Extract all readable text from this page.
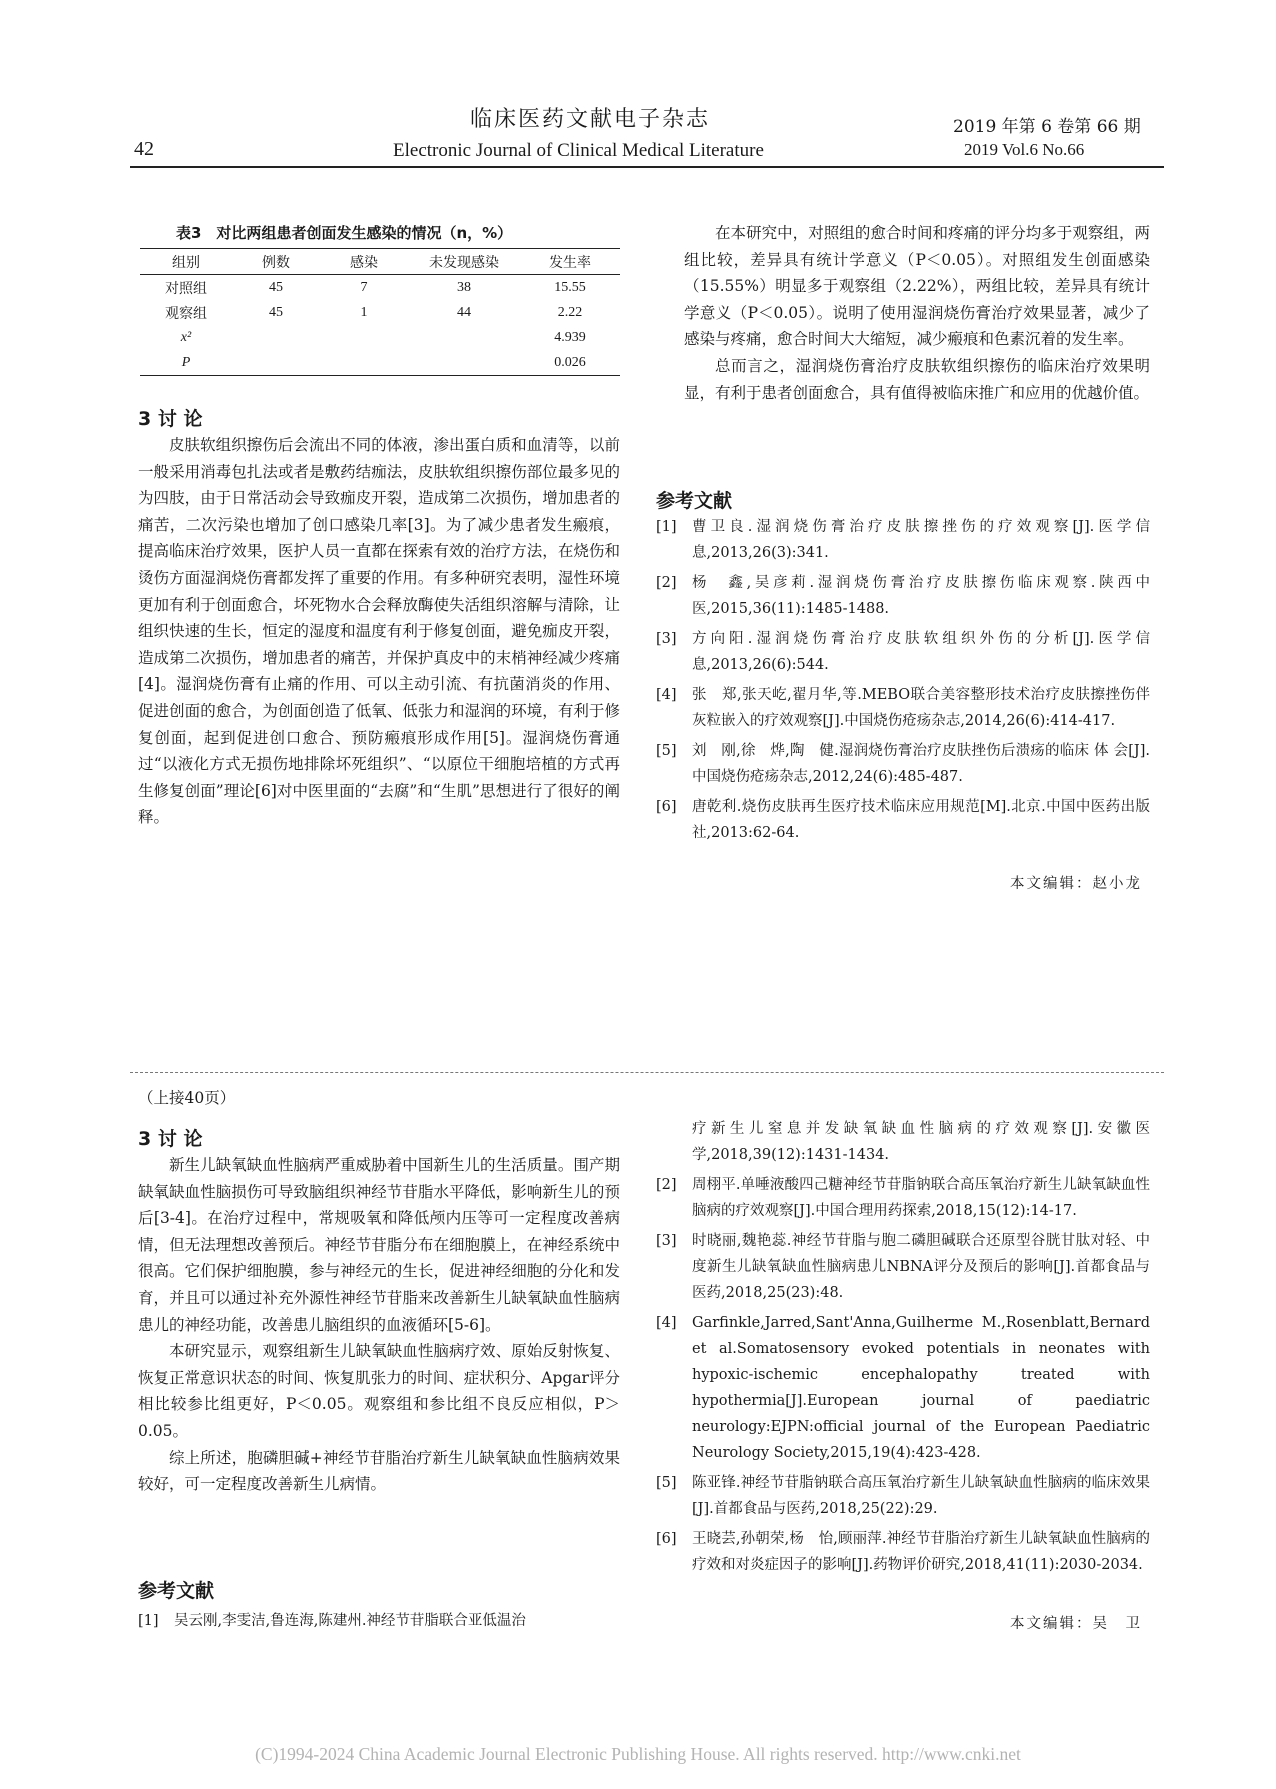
临床医药文献电子杂志	2019 年第 6 卷第 66 期
42	Electronic Journal of Clinical Medical Literature	2019 Vol.6 No.66
表3　对比两组患者创面发生感染的情况（n，%）
组别	例数	感染	未发现感染	发生率
对照组	45	7	38	15.55
观察组	45	1	44	2.22
x²				4.939
P				0.026
3 讨 论

皮肤软组织擦伤后会流出不同的体液，渗出蛋白质和血清等，以前一般采用消毒包扎法或者是敷药结痂法，皮肤软组织擦伤部位最多见的为四肢，由于日常活动会导致痂皮开裂，造成第二次损伤，增加患者的痛苦，二次污染也增加了创口感染几率[3]。为了减少患者发生瘢痕，提高临床治疗效果，医护人员一直都在探索有效的治疗方法，在烧伤和烫伤方面湿润烧伤膏都发挥了重要的作用。有多种研究表明，湿性环境更加有利于创面愈合，坏死物水合会释放酶使失活组织溶解与清除，让组织快速的生长，恒定的湿度和温度有利于修复创面，避免痂皮开裂，造成第二次损伤，增加患者的痛苦，并保护真皮中的末梢神经减少疼痛[4]。湿润烧伤膏有止痛的作用、可以主动引流、有抗菌消炎的作用、促进创面的愈合，为创面创造了低氧、低张力和湿润的环境，有利于修复创面，起到促进创口愈合、预防瘢痕形成作用[5]。湿润烧伤膏通过“以液化方式无损伤地排除坏死组织”、“以原位干细胞培植的方式再生修复创面”理论[6]对中医里面的“去腐”和“生肌”思想进行了很好的阐释。

在本研究中，对照组的愈合时间和疼痛的评分均多于观察组，两组比较，差异具有统计学意义（P＜0.05）。对照组发生创面感染（15.55%）明显多于观察组（2.22%），两组比较，差异具有统计学意义（P＜0.05）。说明了使用湿润烧伤膏治疗效果显著，减少了感染与疼痛，愈合时间大大缩短，减少瘢痕和色素沉着的发生率。

总而言之，湿润烧伤膏治疗皮肤软组织擦伤的临床治疗效果明显，有利于患者创面愈合，具有值得被临床推广和应用的优越价值。

参考文献
[1] 曹卫良.湿润烧伤膏治疗皮肤擦挫伤的疗效观察[J].医学信息,2013,26(3):341.
[2] 杨　鑫,吴彦莉.湿润烧伤膏治疗皮肤擦伤临床观察.陕西中医,2015,36(11):1485-1488.
[3] 方向阳.湿润烧伤膏治疗皮肤软组织外伤的分析[J].医学信息,2013,26(6):544.
[4] 张　郑,张天屹,翟月华,等.MEBO联合美容整形技术治疗皮肤擦挫伤伴灰粒嵌入的疗效观察[J].中国烧伤疮疡杂志,2014,26(6):414-417.
[5] 刘　刚,徐　烨,陶　健.湿润烧伤膏治疗皮肤挫伤后溃疡的临床 体 会[J].中国烧伤疮疡杂志,2012,24(6):485-487.
[6] 唐乾利.烧伤皮肤再生医疗技术临床应用规范[M].北京.中国中医药出版社,2013:62-64.
本文编辑：赵小龙
（上接40页）
3 讨 论

新生儿缺氧缺血性脑病严重威胁着中国新生儿的生活质量。围产期缺氧缺血性脑损伤可导致脑组织神经节苷脂水平降低，影响新生儿的预后[3-4]。在治疗过程中，常规吸氧和降低颅内压等可一定程度改善病情，但无法理想改善预后。神经节苷脂分布在细胞膜上，在神经系统中很高。它们保护细胞膜，参与神经元的生长，促进神经细胞的分化和发育，并且可以通过补充外源性神经节苷脂来改善新生儿缺氧缺血性脑病患儿的神经功能，改善患儿脑组织的血液循环[5-6]。

本研究显示，观察组新生儿缺氧缺血性脑病疗效、原始反射恢复、恢复正常意识状态的时间、恢复肌张力的时间、症状积分、Apgar评分相比较参比组更好，P＜0.05。观察组和参比组不良反应相似，P＞0.05。

综上所述，胞磷胆碱+神经节苷脂治疗新生儿缺氧缺血性脑病效果较好，可一定程度改善新生儿病情。

参考文献
[1] 吴云刚,李雯洁,鲁连海,陈建州.神经节苷脂联合亚低温治
疗新生儿窒息并发缺氧缺血性脑病的疗效观察[J].安徽医学,2018,39(12):1431-1434.
[2] 周栩平.单唾液酸四己糖神经节苷脂钠联合高压氧治疗新生儿缺氧缺血性脑病的疗效观察[J].中国合理用药探索,2018,15(12):14-17.
[3] 时晓丽,魏艳蕊.神经节苷脂与胞二磷胆碱联合还原型谷胱甘肽对轻、中度新生儿缺氧缺血性脑病患儿NBNA评分及预后的影响[J].首都食品与医药,2018,25(23):48.
[4] Garfinkle,Jarred,Sant'Anna,Guilherme M.,Rosenblatt,Bernard et al.Somatosensory evoked potentials in neonates with hypoxic-ischemic encephalopathy treated with hypothermia[J].European journal of paediatric neurology:EJPN:official journal of the European Paediatric Neurology Society,2015,19(4):423-428.
[5] 陈亚锋.神经节苷脂钠联合高压氧治疗新生儿缺氧缺血性脑病的临床效果[J].首都食品与医药,2018,25(22):29.
[6] 王晓芸,孙朝荣,杨　怡,顾丽萍.神经节苷脂治疗新生儿缺氧缺血性脑病的疗效和对炎症因子的影响[J].药物评价研究,2018,41(11):2030-2034.
本文编辑：吴　卫
(C)1994-2024 China Academic Journal Electronic Publishing House. All rights reserved. http://www.cnki.net
